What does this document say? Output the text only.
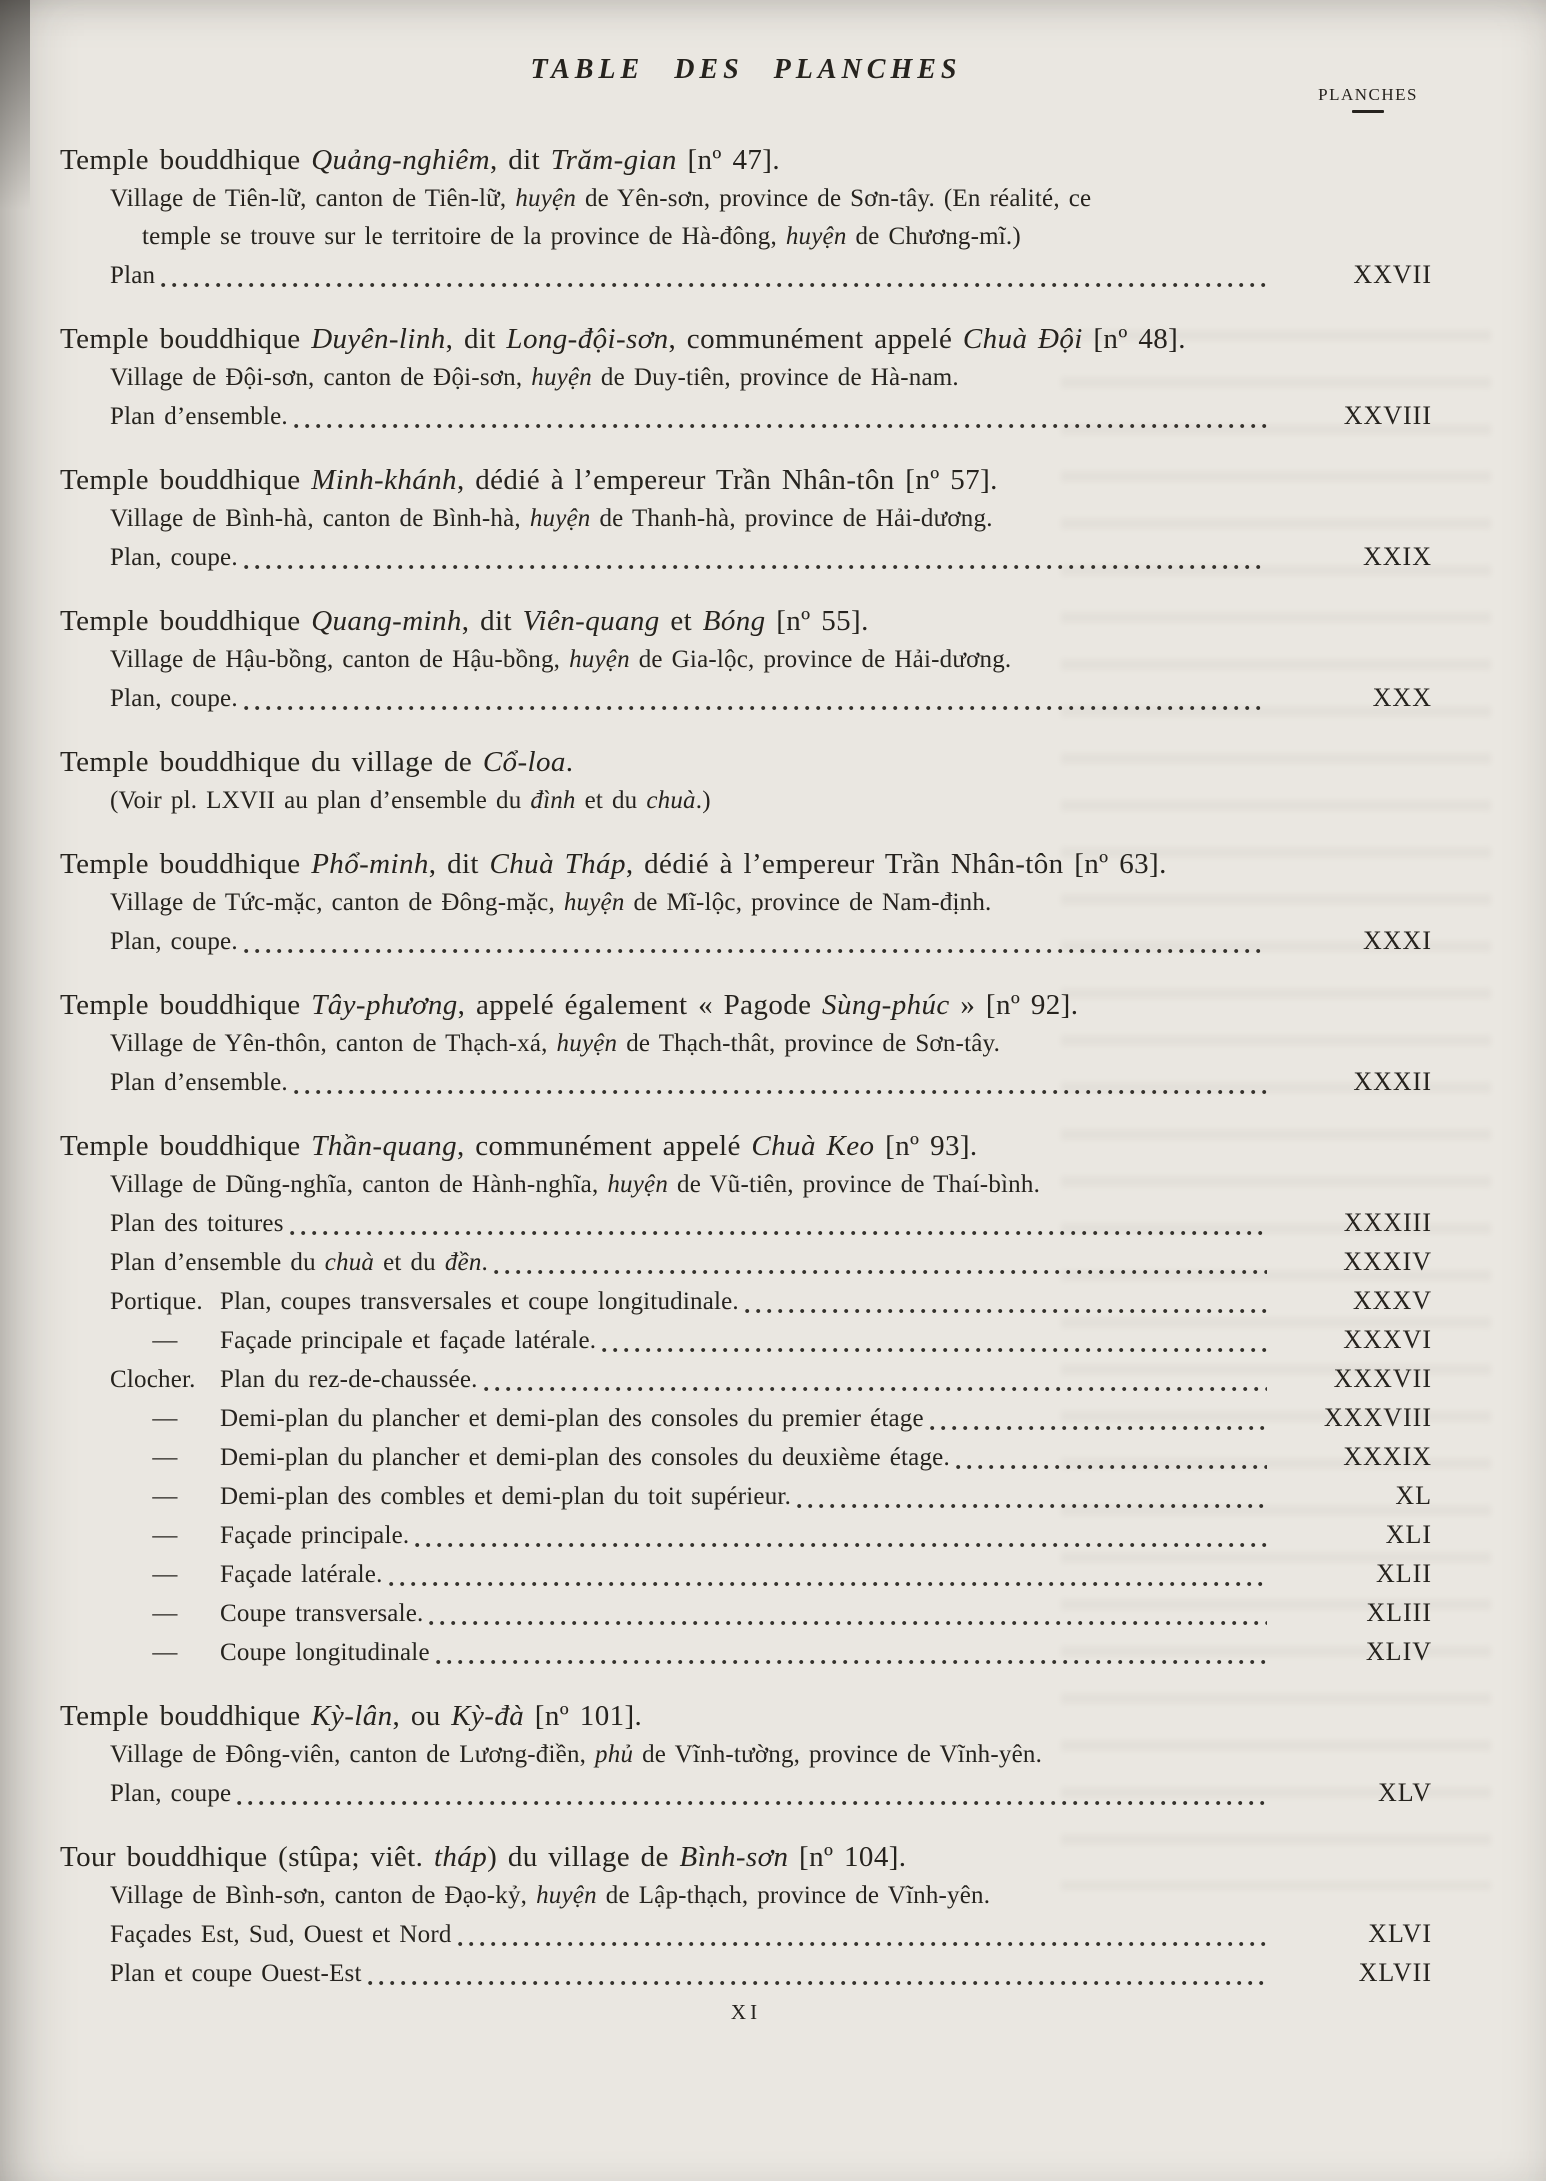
TABLE DES PLANCHES
PLANCHES
Temple bouddhique Quảng-nghiêm, dit Trăm-gian [nº 47].
Village de Tiên-lữ, canton de Tiên-lữ, huyện de Yên-sơn, province de Sơn-tây. (En réalité, ce
temple se trouve sur le territoire de la province de Hà-đông, huyện de Chương-mĩ.)
Plan	XXVII
Temple bouddhique Duyên-linh, dit Long-đội-sơn, communément appelé Chuà Đội [nº 48].
Village de Đội-sơn, canton de Đội-sơn, huyện de Duy-tiên, province de Hà-nam.
Plan d’ensemble.	XXVIII
Temple bouddhique Minh-khánh, dédié à l’empereur Trần Nhân-tôn [nº 57].
Village de Bình-hà, canton de Bình-hà, huyện de Thanh-hà, province de Hải-dương.
Plan, coupe.	XXIX
Temple bouddhique Quang-minh, dit Viên-quang et Bóng [nº 55].
Village de Hậu-bồng, canton de Hậu-bồng, huyện de Gia-lộc, province de Hải-dương.
Plan, coupe.	XXX
Temple bouddhique du village de Cổ-loa.
(Voir pl. LXVII au plan d’ensemble du đình et du chuà.)
Temple bouddhique Phổ-minh, dit Chuà Tháp, dédié à l’empereur Trần Nhân-tôn [nº 63].
Village de Tức-mặc, canton de Đông-mặc, huyện de Mĩ-lộc, province de Nam-định.
Plan, coupe.	XXXI
Temple bouddhique Tây-phương, appelé également « Pagode Sùng-phúc » [nº 92].
Village de Yên-thôn, canton de Thạch-xá, huyện de Thạch-thât, province de Sơn-tây.
Plan d’ensemble.	XXXII
Temple bouddhique Thần-quang, communément appelé Chuà Keo [nº 93].
Village de Dũng-nghĩa, canton de Hành-nghĩa, huyện de Vũ-tiên, province de Thaí-bình.
Plan des toitures	XXXIII
Plan d’ensemble du chuà et du đền.	XXXIV
Portique. Plan, coupes transversales et coupe longitudinale.	XXXV
—	Façade principale et façade latérale.	XXXVI
Clocher. Plan du rez-de-chaussée.	XXXVII
—	Demi-plan du plancher et demi-plan des consoles du premier étage	XXXVIII
—	Demi-plan du plancher et demi-plan des consoles du deuxième étage.	XXXIX
—	Demi-plan des combles et demi-plan du toit supérieur.	XL
—	Façade principale.	XLI
—	Façade latérale.	XLII
—	Coupe transversale.	XLIII
—	Coupe longitudinale	XLIV
Temple bouddhique Kỳ-lân, ou Kỳ-đà [nº 101].
Village de Đông-viên, canton de Lương-điền, phủ de Vĩnh-tường, province de Vĩnh-yên.
Plan, coupe	XLV
Tour bouddhique (stûpa; viêt. tháp) du village de Bình-sơn [nº 104].
Village de Bình-sơn, canton de Đạo-kỷ, huyện de Lập-thạch, province de Vĩnh-yên.
Façades Est, Sud, Ouest et Nord	XLVI
Plan et coupe Ouest-Est	XLVII
XI
